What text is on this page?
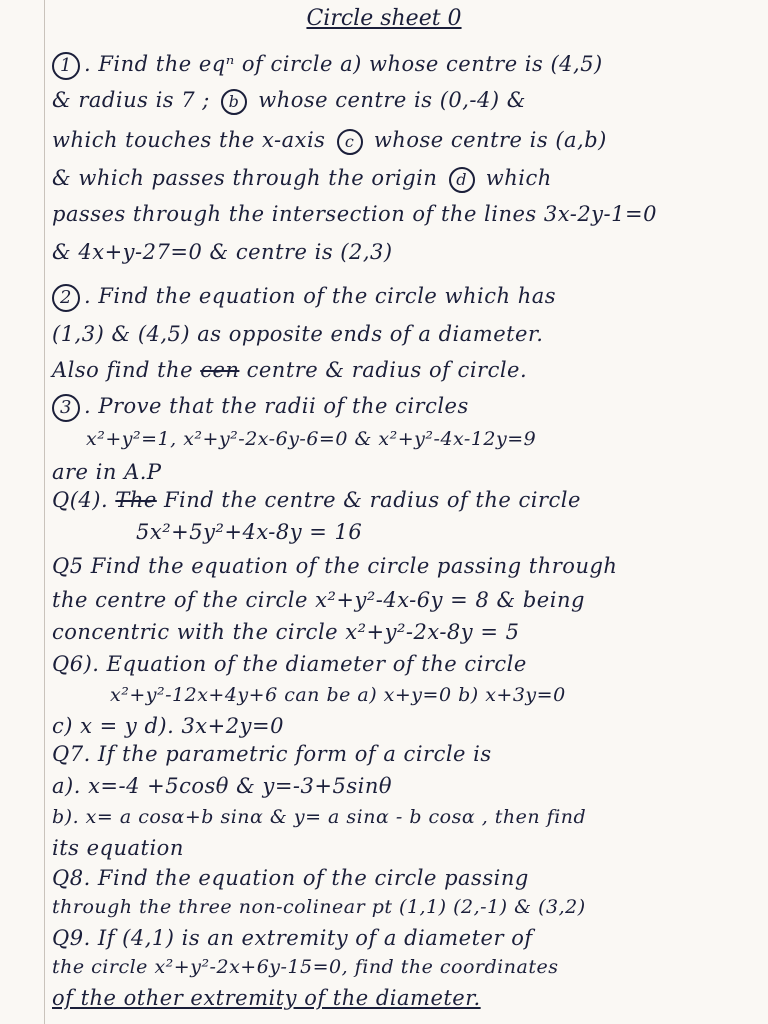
Circle sheet 0
1 . Find the eqⁿ of circle a) whose centre is (4,5)
& radius is 7 ; b whose centre is (0,-4) &
which touches the x-axis c whose centre is (a,b)
& which passes through the origin d which
passes through the intersection of the lines 3x-2y-1=0
& 4x+y-27=0 & centre is (2,3)
2 . Find the equation of the circle which has
(1,3) & (4,5) as opposite ends of a diameter.
Also find the cen centre & radius of circle.
3 . Prove that the radii of the circles
x²+y²=1, x²+y²-2x-6y-6=0 & x²+y²-4x-12y=9
are in A.P
Q(4). The Find the centre & radius of the circle
5x²+5y²+4x-8y = 16
Q5 Find the equation of the circle passing through
the centre of the circle x²+y²-4x-6y = 8 & being
concentric with the circle x²+y²-2x-8y = 5
Q6). Equation of the diameter of the circle
x²+y²-12x+4y+6 can be a) x+y=0 b) x+3y=0
c) x = y d). 3x+2y=0
Q7. If the parametric form of a circle is
a). x=-4 +5cosθ & y=-3+5sinθ
b). x= a cosα+b sinα & y= a sinα - b cosα , then find
its equation
Q8. Find the equation of the circle passing
through the three non-colinear pt (1,1) (2,-1) & (3,2)
Q9. If (4,1) is an extremity of a diameter of
the circle x²+y²-2x+6y-15=0, find the coordinates
of the other extremity of the diameter.
